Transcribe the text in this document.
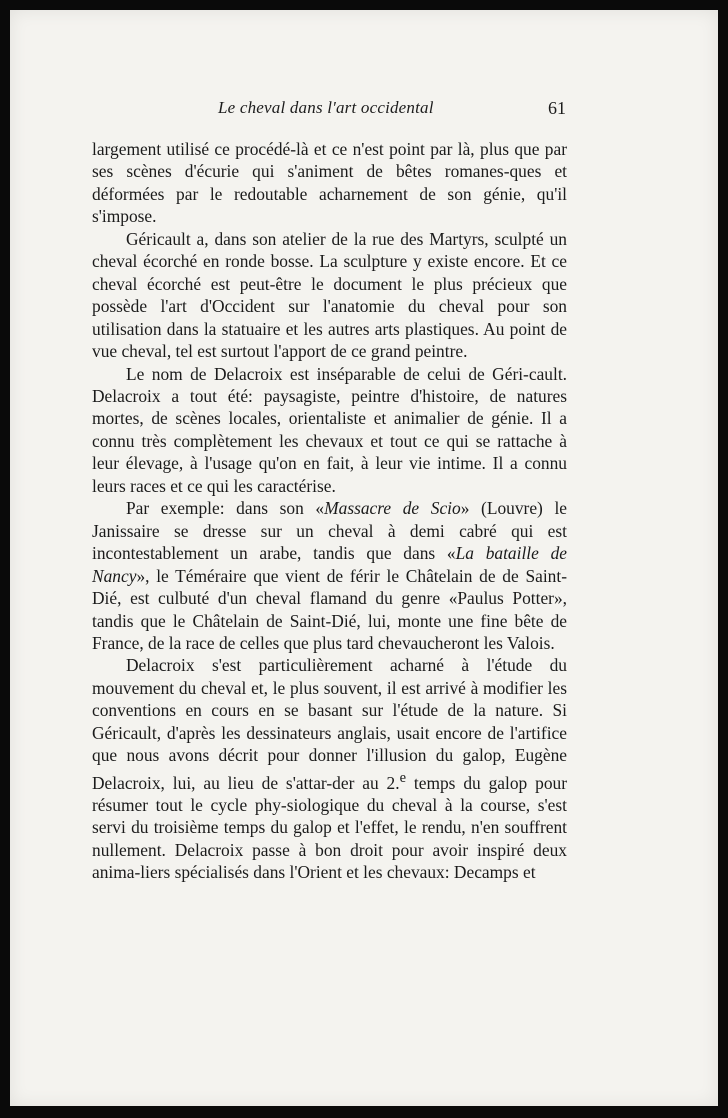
Le cheval dans l'art occidental	61

largement utilisé ce procédé-là et ce n'est point par là, plus que par ses scènes d'écurie qui s'animent de bêtes romanes-ques et déformées par le redoutable acharnement de son génie, qu'il s'impose.

Géricault a, dans son atelier de la rue des Martyrs, sculpté un cheval écorché en ronde bosse. La sculpture y existe encore. Et ce cheval écorché est peut-être le document le plus précieux que possède l'art d'Occident sur l'anatomie du cheval pour son utilisation dans la statuaire et les autres arts plastiques. Au point de vue cheval, tel est surtout l'apport de ce grand peintre.

Le nom de Delacroix est inséparable de celui de Géri-cault. Delacroix a tout été: paysagiste, peintre d'histoire, de natures mortes, de scènes locales, orientaliste et animalier de génie. Il a connu très complètement les chevaux et tout ce qui se rattache à leur élevage, à l'usage qu'on en fait, à leur vie intime. Il a connu leurs races et ce qui les caractérise.

Par exemple: dans son «Massacre de Scio» (Louvre) le Janissaire se dresse sur un cheval à demi cabré qui est incontestablement un arabe, tandis que dans «La bataille de Nancy», le Téméraire que vient de férir le Châtelain de de Saint-Dié, est culbuté d'un cheval flamand du genre «Paulus Potter», tandis que le Châtelain de Saint-Dié, lui, monte une fine bête de France, de la race de celles que plus tard chevaucheront les Valois.

Delacroix s'est particulièrement acharné à l'étude du mouvement du cheval et, le plus souvent, il est arrivé à modifier les conventions en cours en se basant sur l'étude de la nature. Si Géricault, d'après les dessinateurs anglais, usait encore de l'artifice que nous avons décrit pour donner l'illusion du galop, Eugène Delacroix, lui, au lieu de s'attar-der au 2.$^e$ temps du galop pour résumer tout le cycle phy-siologique du cheval à la course, s'est servi du troisième temps du galop et l'effet, le rendu, n'en souffrent nullement. Delacroix passe à bon droit pour avoir inspiré deux anima-liers spécialisés dans l'Orient et les chevaux: Decamps et
